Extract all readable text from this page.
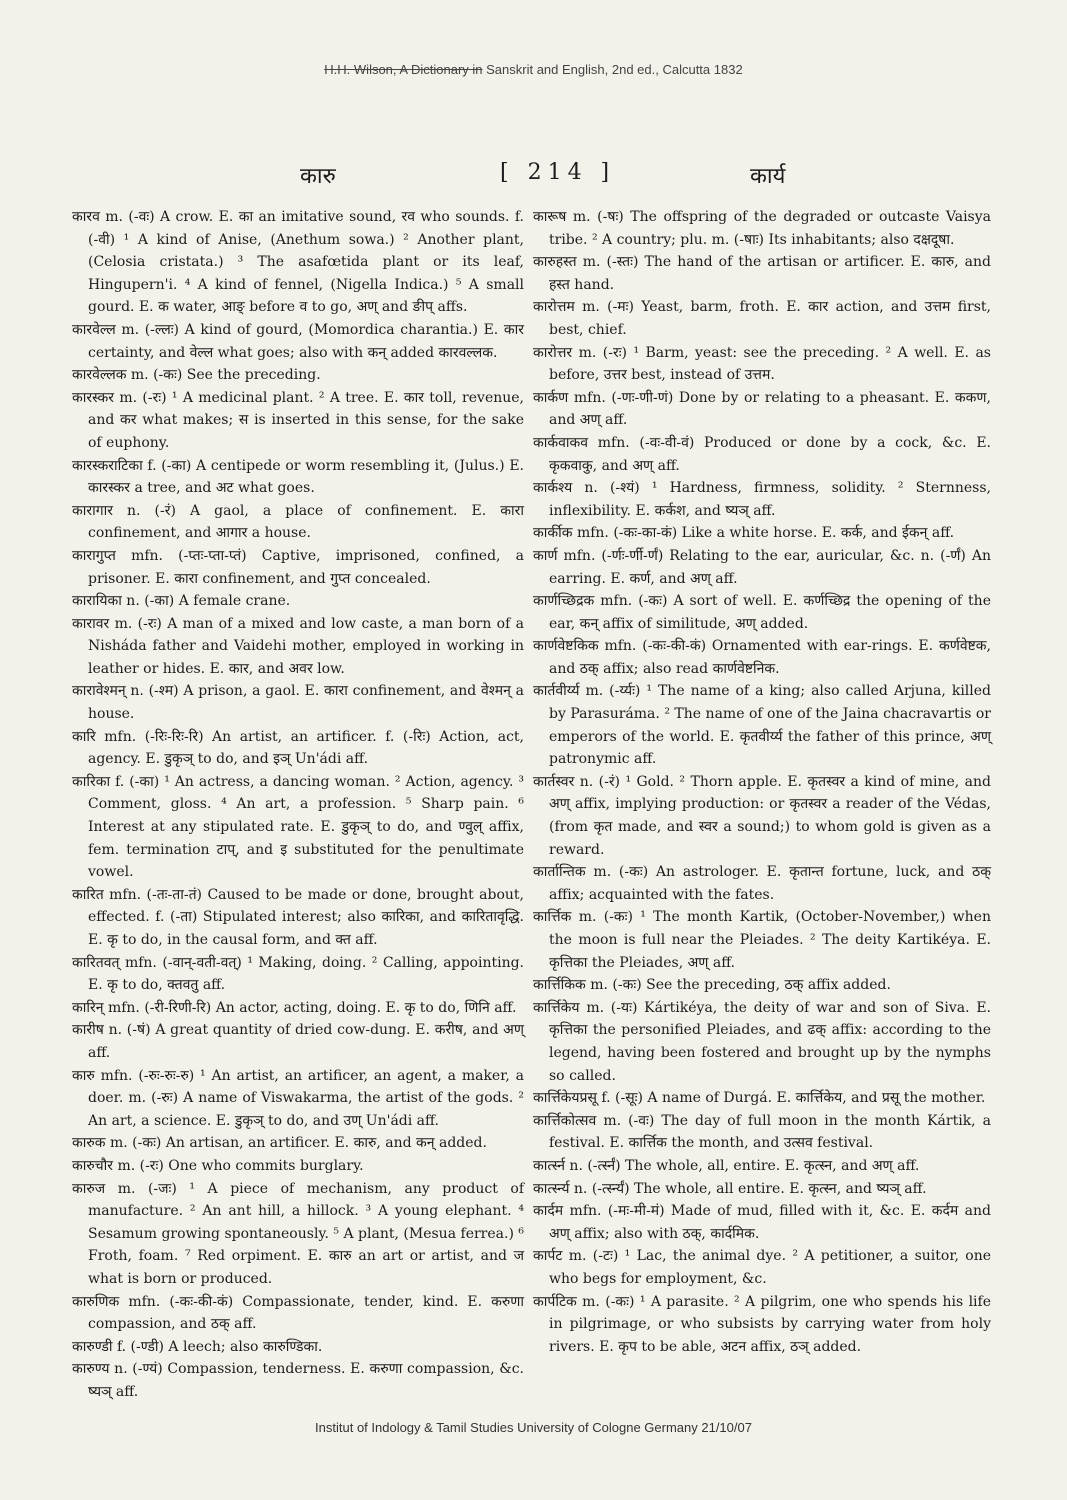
H.H. Wilson, A Dictionary in Sanskrit and English, 2nd ed., Calcutta 1832
कारु	[ 214 ]	कार्य

कारव m. (-वः) A crow. E. का an imitative sound, रव who sounds. f. (-वी) ¹ A kind of Anise, (Anethum sowa.) ² Another plant, (Celosia cristata.) ³ The asafœtida plant or its leaf, Hingupern'i. ⁴ A kind of fennel, (Nigella Indica.) ⁵ A small gourd. E. क water, आङ् before व to go, अण् and ङीप् affs.

कारवेल्ल m. (-ल्लः) A kind of gourd, (Momordica charantia.) E. कार certainty, and वेल्ल what goes; also with कन् added कारवल्लक.

कारवेल्लक m. (-कः) See the preceding.

कारस्कर m. (-रः) ¹ A medicinal plant. ² A tree. E. कार toll, revenue, and कर what makes; स is inserted in this sense, for the sake of euphony.

कारस्कराटिका f. (-का) A centipede or worm resembling it, (Julus.) E. कारस्कर a tree, and अट what goes.

कारागार n. (-रं) A gaol, a place of confinement. E. कारा confinement, and आगार a house.

कारागुप्त mfn. (-प्तः-प्ता-प्तं) Captive, imprisoned, confined, a prisoner. E. कारा confinement, and गुप्त concealed.

कारायिका n. (-का) A female crane.

कारावर m. (-रः) A man of a mixed and low caste, a man born of a Nisháda father and Vaidehi mother, employed in working in leather or hides. E. कार, and अवर low.

कारावेश्मन् n. (-श्म) A prison, a gaol. E. कारा confinement, and वेश्मन् a house.

कारि mfn. (-रिः-रिः-रि) An artist, an artificer. f. (-रिः) Action, act, agency. E. डुकृञ् to do, and इञ् Un'ádi aff.

कारिका f. (-का) ¹ An actress, a dancing woman. ² Action, agency. ³ Comment, gloss. ⁴ An art, a profession. ⁵ Sharp pain. ⁶ Interest at any stipulated rate. E. डुकृञ् to do, and ण्वुल् affix, fem. termination टाप्, and इ substituted for the penultimate vowel.

कारित mfn. (-तः-ता-तं) Caused to be made or done, brought about, effected. f. (-ता) Stipulated interest; also कारिका, and कारितावृद्धि. E. कृ to do, in the causal form, and क्त aff.

कारितवत् mfn. (-वान्-वती-वत्) ¹ Making, doing. ² Calling, appointing. E. कृ to do, क्तवतु aff.

कारिन् mfn. (-री-रिणी-रि) An actor, acting, doing. E. कृ to do, णिनि aff.

कारीष n. (-षं) A great quantity of dried cow-dung. E. करीष, and अण् aff.

कारु mfn. (-रुः-रुः-रु) ¹ An artist, an artificer, an agent, a maker, a doer. m. (-रुः) A name of Viswakarma, the artist of the gods. ² An art, a science. E. डुकृञ् to do, and उण् Un'ádi aff.

कारुक m. (-कः) An artisan, an artificer. E. कारु, and कन् added.

कारुचौर m. (-रः) One who commits burglary.

कारुज m. (-जः) ¹ A piece of mechanism, any product of manufacture. ² An ant hill, a hillock. ³ A young elephant. ⁴ Sesamum growing spontaneously. ⁵ A plant, (Mesua ferrea.) ⁶ Froth, foam. ⁷ Red orpiment. E. कारु an art or artist, and ज what is born or produced.

कारुणिक mfn. (-कः-की-कं) Compassionate, tender, kind. E. करुणा compassion, and ठक् aff.

कारुण्डी f. (-ण्डी) A leech; also कारुण्डिका.

कारुण्य n. (-ण्यं) Compassion, tenderness. E. करुणा compassion, &c. ष्यञ् aff.

कारूष m. (-षः) The offspring of the degraded or outcaste Vaisya tribe. ² A country; plu. m. (-षाः) Its inhabitants; also दक्षदूषा.

कारुहस्त m. (-स्तः) The hand of the artisan or artificer. E. कारु, and हस्त hand.

कारोत्तम m. (-मः) Yeast, barm, froth. E. कार action, and उत्तम first, best, chief.

कारोत्तर m. (-रः) ¹ Barm, yeast: see the preceding. ² A well. E. as before, उत्तर best, instead of उत्तम.

कार्कण mfn. (-णः-णी-णं) Done by or relating to a pheasant. E. ककण, and अण् aff.

कार्कवाकव mfn. (-वः-वी-वं) Produced or done by a cock, &c. E. कृकवाकु, and अण् aff.

कार्कश्य n. (-श्यं) ¹ Hardness, firmness, solidity. ² Sternness, inflexibility. E. कर्कश, and ष्यञ् aff.

कार्कीक mfn. (-कः-का-कं) Like a white horse. E. कर्क, and ईकन् aff.

कार्ण mfn. (-र्णः-र्णी-र्णं) Relating to the ear, auricular, &c. n. (-र्णं) An earring. E. कर्ण, and अण् aff.

कार्णच्छिद्रक mfn. (-कः) A sort of well. E. कर्णच्छिद्र the opening of the ear, कन् affix of similitude, अण् added.

कार्णवेष्टकिक mfn. (-कः-की-कं) Ornamented with ear-rings. E. कर्णवेष्टक, and ठक् affix; also read कार्णवेष्टनिक.

कार्तवीर्य्य m. (-र्य्यः) ¹ The name of a king; also called Arjuna, killed by Parasuráma. ² The name of one of the Jaina chacravartis or emperors of the world. E. कृतवीर्य्य the father of this prince, अण् patronymic aff.

कार्तस्वर n. (-रं) ¹ Gold. ² Thorn apple. E. कृतस्वर a kind of mine, and अण् affix, implying production: or कृतस्वर a reader of the Védas, (from कृत made, and स्वर a sound;) to whom gold is given as a reward.

कार्तान्तिक m. (-कः) An astrologer. E. कृतान्त fortune, luck, and ठक् affix; acquainted with the fates.

कार्त्तिक m. (-कः) ¹ The month Kartik, (October-November,) when the moon is full near the Pleiades. ² The deity Kartikéya. E. कृत्तिका the Pleiades, अण् aff.

कार्त्तिकिक m. (-कः) See the preceding, ठक् affix added.

कार्त्तिकेय m. (-यः) Kártikéya, the deity of war and son of Siva. E. कृत्तिका the personified Pleiades, and ढक् affix: according to the legend, having been fostered and brought up by the nymphs so called.

कार्त्तिकेयप्रसू f. (-सूः) A name of Durgá. E. कार्त्तिकेय, and प्रसू the mother.

कार्त्तिकोत्सव m. (-वः) The day of full moon in the month Kártik, a festival. E. कार्त्तिक the month, and उत्सव festival.

कार्त्स्न n. (-र्त्स्नं) The whole, all, entire. E. कृत्स्न, and अण् aff.

कार्त्स्न्य n. (-र्त्स्न्यं) The whole, all entire. E. कृत्स्न, and ष्यञ् aff.

कार्दम mfn. (-मः-मी-मं) Made of mud, filled with it, &c. E. कर्दम and अण् affix; also with ठक्, कार्दमिक.

कार्पट m. (-टः) ¹ Lac, the animal dye. ² A petitioner, a suitor, one who begs for employment, &c.

कार्पटिक m. (-कः) ¹ A parasite. ² A pilgrim, one who spends his life in pilgrimage, or who subsists by carrying water from holy rivers. E. कृप to be able, अटन affix, ठञ् added.

Institut of Indology & Tamil Studies University of Cologne Germany 21/10/07
